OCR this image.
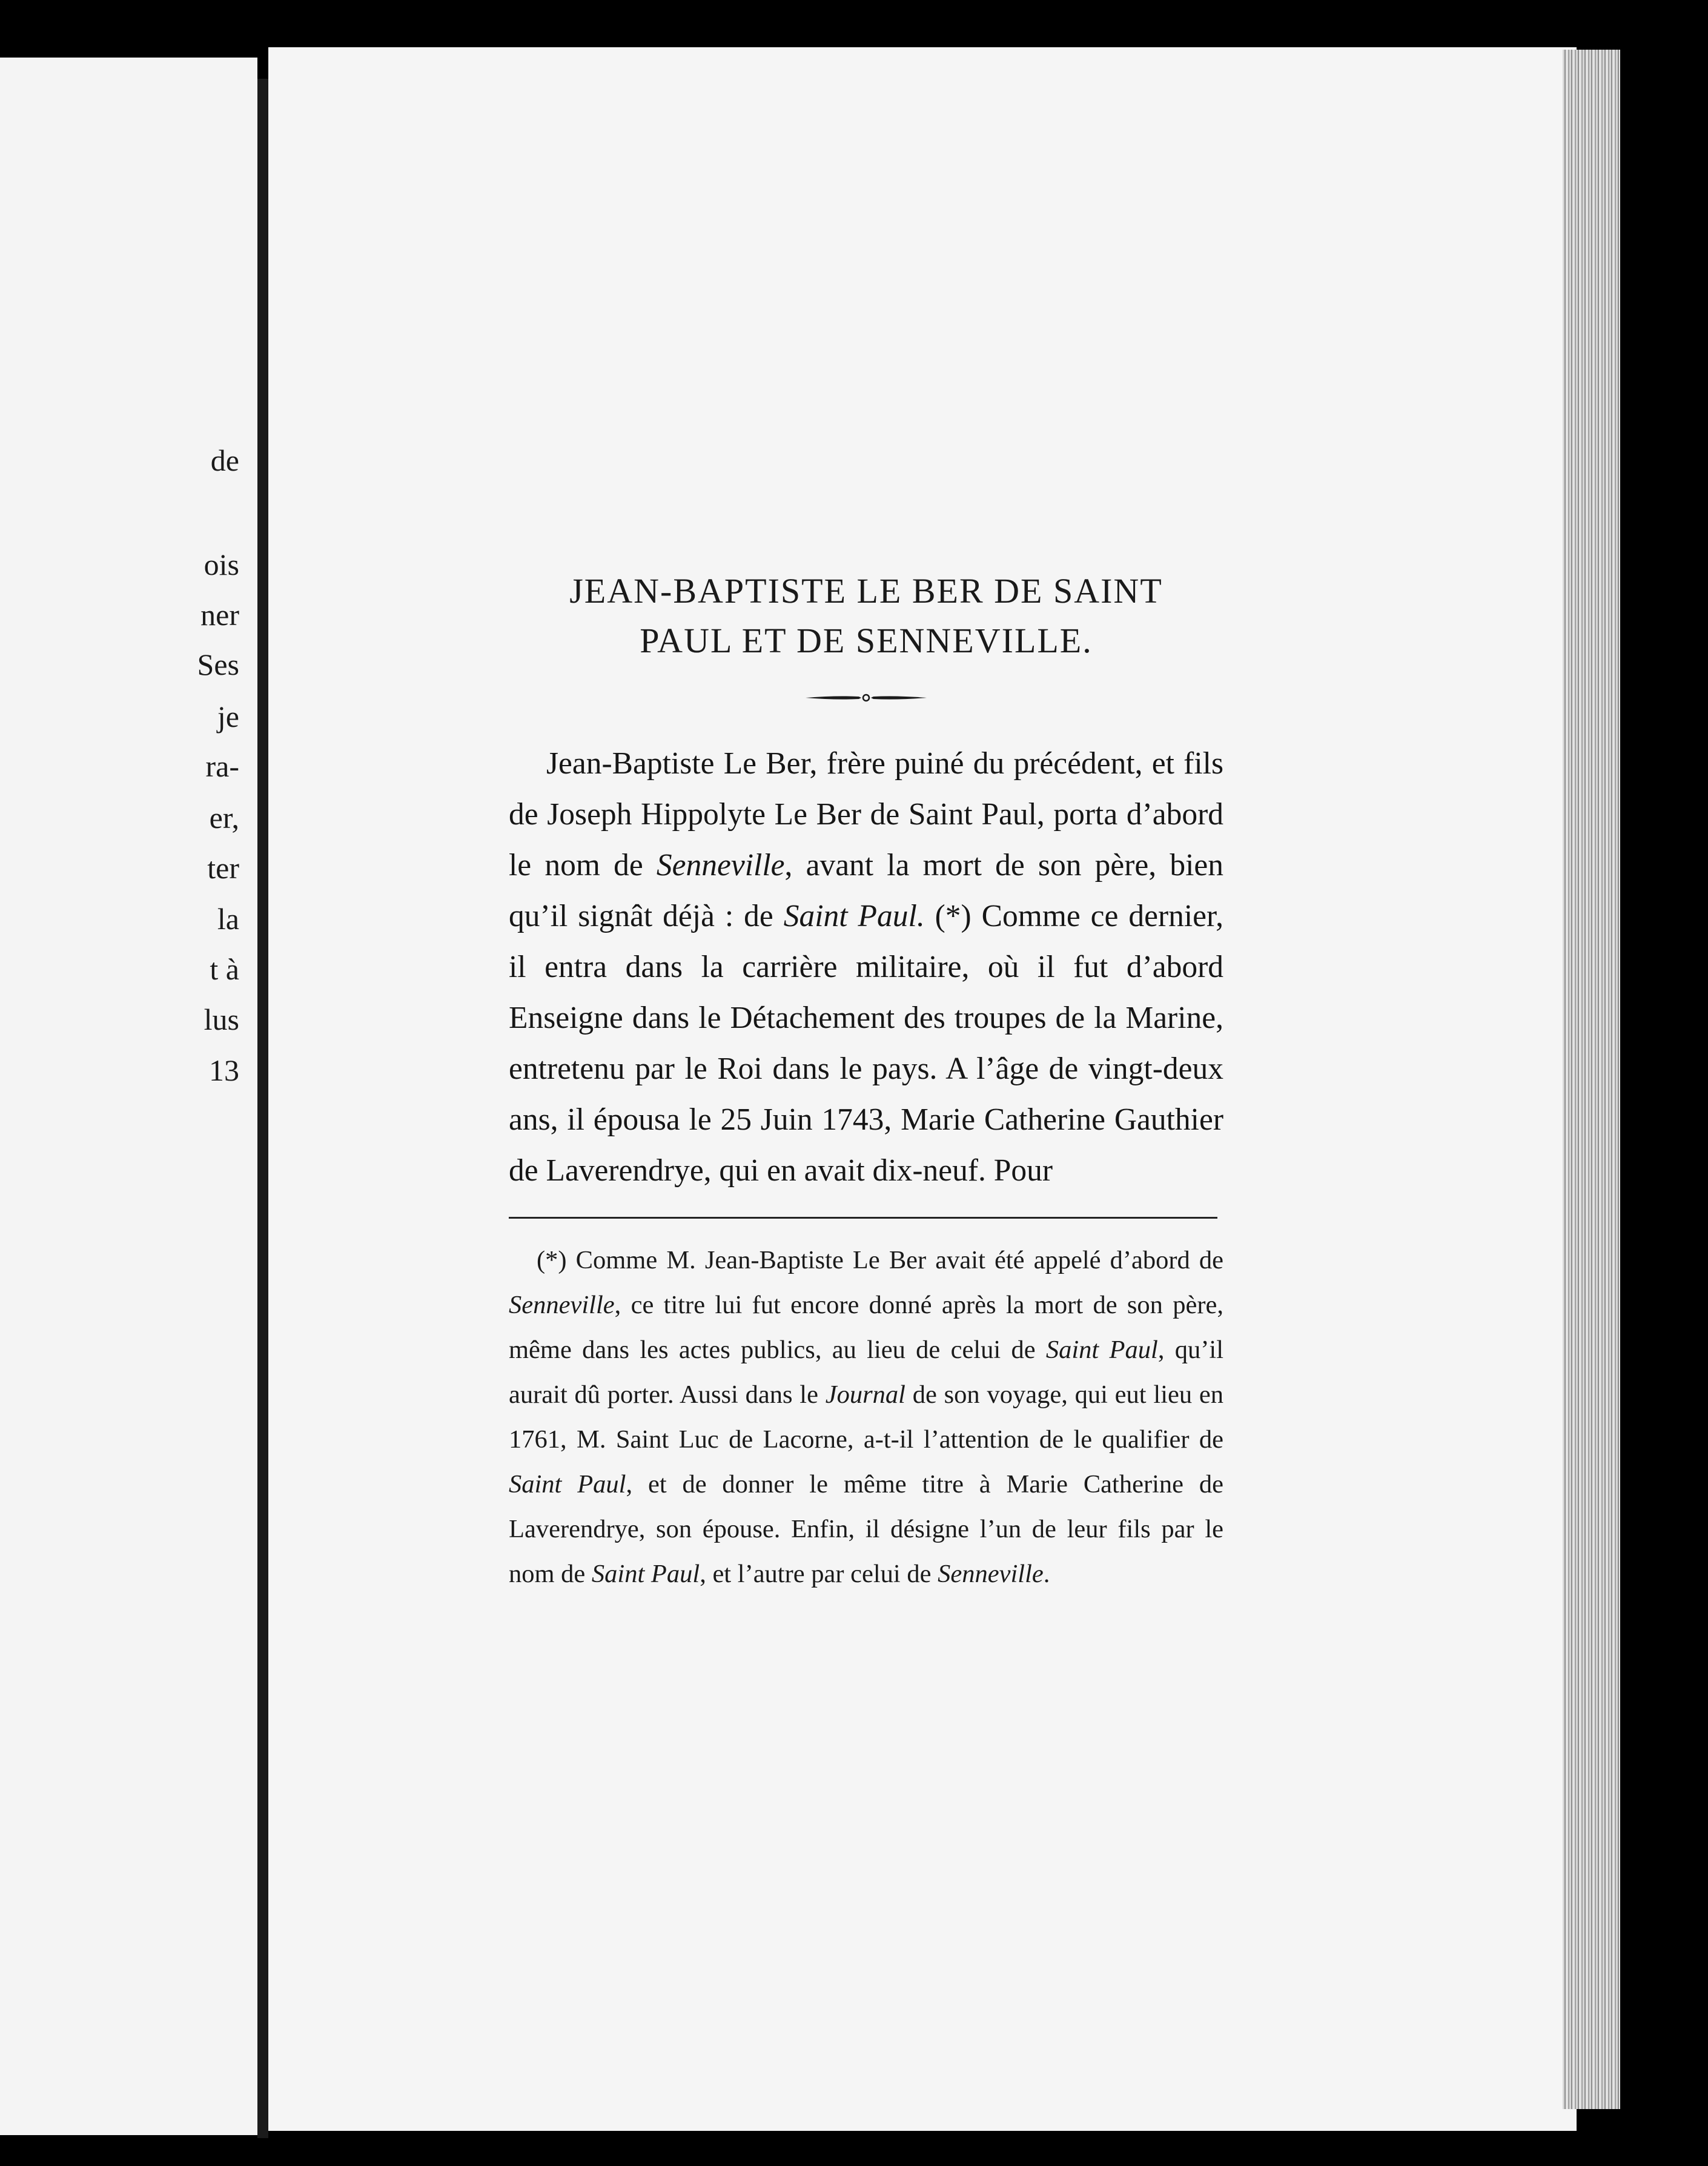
de
ois
ner
Ses
je
ra-
er,
ter
la
t à
lus
13
JEAN-BAPTISTE LE BER DE SAINT
PAUL ET DE SENNEVILLE.

Jean-Baptiste Le Ber, frère puiné du précédent, et fils de Joseph Hippolyte Le Ber de Saint Paul, porta d’abord le nom de Senneville, avant la mort de son père, bien qu’il signât déjà : de Saint Paul. (*) Comme ce dernier, il entra dans la carrière militaire, où il fut d’abord Enseigne dans le Détachement des troupes de la Marine, entretenu par le Roi dans le pays. A l’âge de vingt-deux ans, il épousa le 25 Juin 1743, Marie Catherine Gauthier de Laverendrye, qui en avait dix-neuf. Pour

(*) Comme M. Jean-Baptiste Le Ber avait été appelé d’abord de Senneville, ce titre lui fut encore donné après la mort de son père, même dans les actes publics, au lieu de celui de Saint Paul, qu’il aurait dû porter. Aussi dans le Journal de son voyage, qui eut lieu en 1761, M. Saint Luc de Lacorne, a-t-il l’attention de le qualifier de Saint Paul, et de donner le même titre à Marie Catherine de Laverendrye, son épouse. Enfin, il désigne l’un de leur fils par le nom de Saint Paul, et l’autre par celui de Senneville.
